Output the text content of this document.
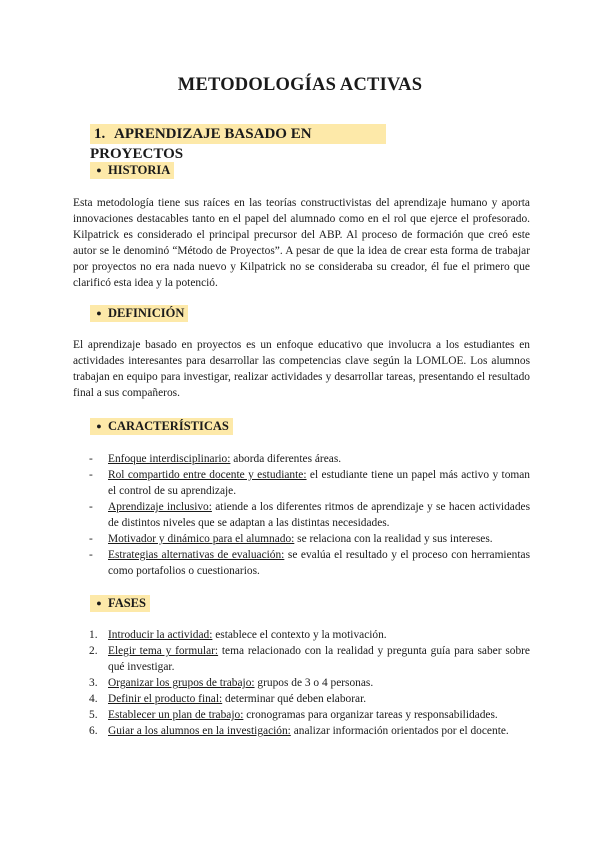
METODOLOGÍAS ACTIVAS
1. APRENDIZAJE BASADO EN PROYECTOS
● HISTORIA
Esta metodología tiene sus raíces en las teorías constructivistas del aprendizaje humano y aporta innovaciones destacables tanto en el papel del alumnado como en el rol que ejerce el profesorado. Kilpatrick es considerado el principal precursor del ABP. Al proceso de formación que creó este autor se le denominó “Método de Proyectos”. A pesar de que la idea de crear esta forma de trabajar por proyectos no era nada nuevo y Kilpatrick no se consideraba su creador, él fue el primero que clarificó esta idea y la potenció.
● DEFINICIÓN
El aprendizaje basado en proyectos es un enfoque educativo que involucra a los estudiantes en actividades interesantes para desarrollar las competencias clave según la LOMLOE. Los alumnos trabajan en equipo para investigar, realizar actividades y desarrollar tareas, presentando el resultado final a sus compañeros.
● CARACTERÍSTICAS
- Enfoque interdisciplinario: aborda diferentes áreas.
- Rol compartido entre docente y estudiante: el estudiante tiene un papel más activo y toman el control de su aprendizaje.
- Aprendizaje inclusivo: atiende a los diferentes ritmos de aprendizaje y se hacen actividades de distintos niveles que se adaptan a las distintas necesidades.
- Motivador y dinámico para el alumnado: se relaciona con la realidad y sus intereses.
- Estrategias alternativas de evaluación: se evalúa el resultado y el proceso con herramientas como portafolios o cuestionarios.
● FASES
1. Introducir la actividad: establece el contexto y la motivación.
2. Elegir tema y formular: tema relacionado con la realidad y pregunta guía para saber sobre qué investigar.
3. Organizar los grupos de trabajo: grupos de 3 o 4 personas.
4. Definir el producto final: determinar qué deben elaborar.
5. Establecer un plan de trabajo: cronogramas para organizar tareas y responsabilidades.
6. Guiar a los alumnos en la investigación: analizar información orientados por el docente.
